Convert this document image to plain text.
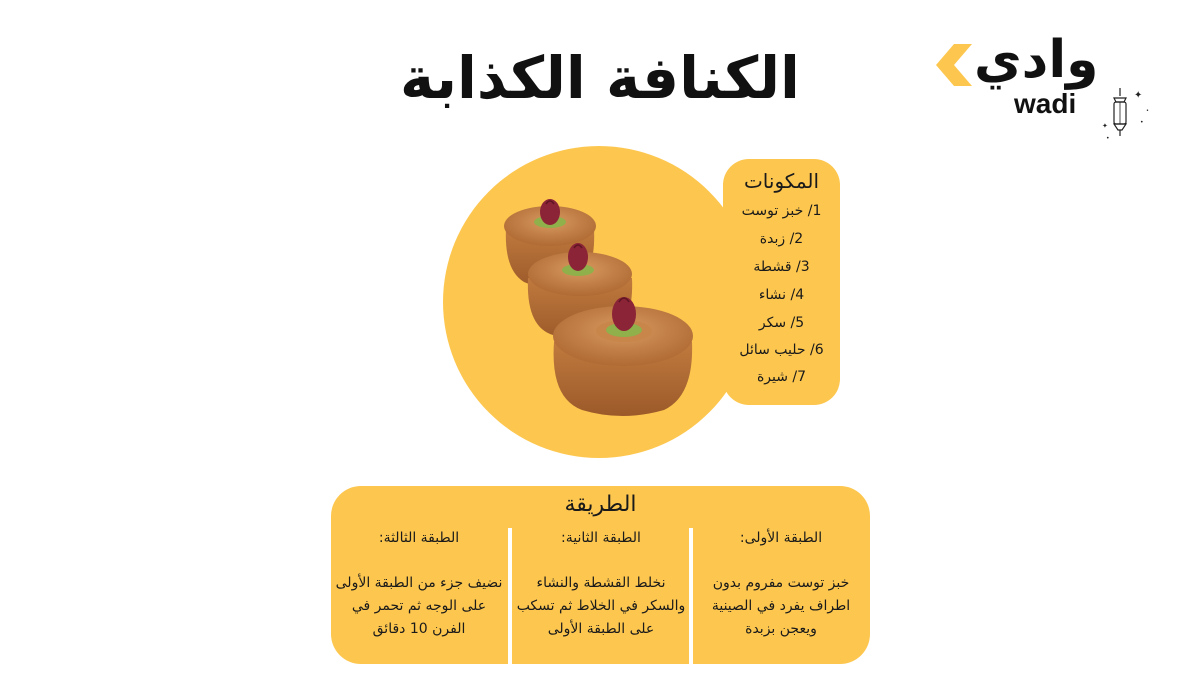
الكنافة الكذابة	وادي
wadi	✦
✦	•
•
•
المكونات
1/ خبز توست
2/ زبدة
3/ قشطة
4/ نشاء
5/ سكر
6/ حليب سائل
7/ شيرة
الطريقة
الطبقة الأولى:
خبز توست مفروم بدون اطراف يفرد في الصينية ويعجن بزبدة
الطبقة الثانية:
نخلط القشطة والنشاء والسكر في الخلاط ثم تسكب على الطبقة الأولى
الطبقة الثالثة:
نضيف جزء من الطبقة الأولى على الوجه ثم تحمر في الفرن 10 دقائق
